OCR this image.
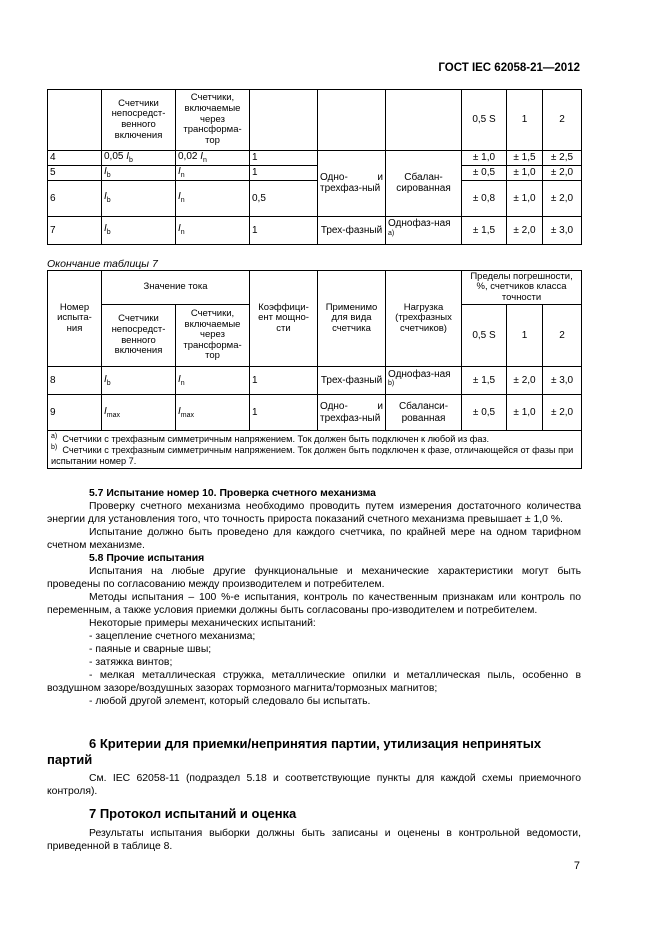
ГОСТ IEC 62058-21—2012
	Счетчики непосредст-венного включения	Счетчики, включаемые через трансформа-тор				0,5 S	1	2
4	0,05 $I_b$	0,02 $I_n$	1	Одно- и трехфаз-ный	Сбалан-сированная	± 1,0	± 1,5	± 2,5
5	$I_b$	$I_n$	1			± 0,5	± 1,0	± 2,0
6	$I_b$	$I_n$	0,5			± 0,8	± 1,0	± 2,0
7	$I_b$	$I_n$	1	Трех-фазный	Однофаз-ная $^{а)}$	± 1,5	± 2,0	± 3,0
Окончание таблицы 7
Номер испыта-ния	Значение тока		Коэффици-ент мощно-сти	Применимо для вида счетчика	Нагрузка (трехфазных счетчиков)	Пределы погрешности, %, счетчиков класса точности		
	Счетчики непосредст-венного включения	Счетчики, включаемые через трансформа-тор				0,5 S	1	2
8	$I_b$	$I_n$	1	Трех-фазный	Однофаз-ная $^{b)}$	± 1,5	± 2,0	± 3,0
9	$I_{max}$	$I_{max}$	1	Одно- и трехфаз-ный	Сбаланси-рованная	± 0,5	± 1,0	± 2,0

$^{а)}$ Счетчики с трехфазным симметричным напряжением. Ток должен быть подключен к любой из фаз.
$^{b)}$ Счетчики с трехфазным симметричным напряжением. Ток должен быть подключен к фазе, отличающейся от фазы при испытании номер 7.								
5.7 Испытание номер 10. Проверка счетного механизма
Проверку счетного механизма необходимо проводить путем измерения достаточного количества энергии для установления того, что точность прироста показаний счетного механизма превышает ± 1,0 %.
Испытание должно быть проведено для каждого счетчика, по крайней мере на одном тарифном счетном механизме.
5.8 Прочие испытания
Испытания на любые другие функциональные и механические характеристики могут быть проведены по согласованию между производителем и потребителем.
Методы испытания – 100 %-е испытания, контроль по качественным признакам или контроль по переменным, а также условия приемки должны быть согласованы про-изводителем и потребителем.
Некоторые примеры механических испытаний:
- зацепление счетного механизма;
- паяные и сварные швы;
- затяжка винтов;
- мелкая металлическая стружка, металлические опилки и металлическая пыль, особенно в воздушном зазоре/воздушных зазорах тормозного магнита/тормозных магнитов;
- любой другой элемент, который следовало бы испытать.
6 Критерии для приемки/непринятия партии, утилизация непринятых партий
См. IEC 62058-11 (подраздел 5.18 и соответствующие пункты для каждой схемы приемочного контроля).
7 Протокол испытаний и оценка
Результаты испытания выборки должны быть записаны и оценены в контрольной ведомости, приведенной в таблице 8.
7
